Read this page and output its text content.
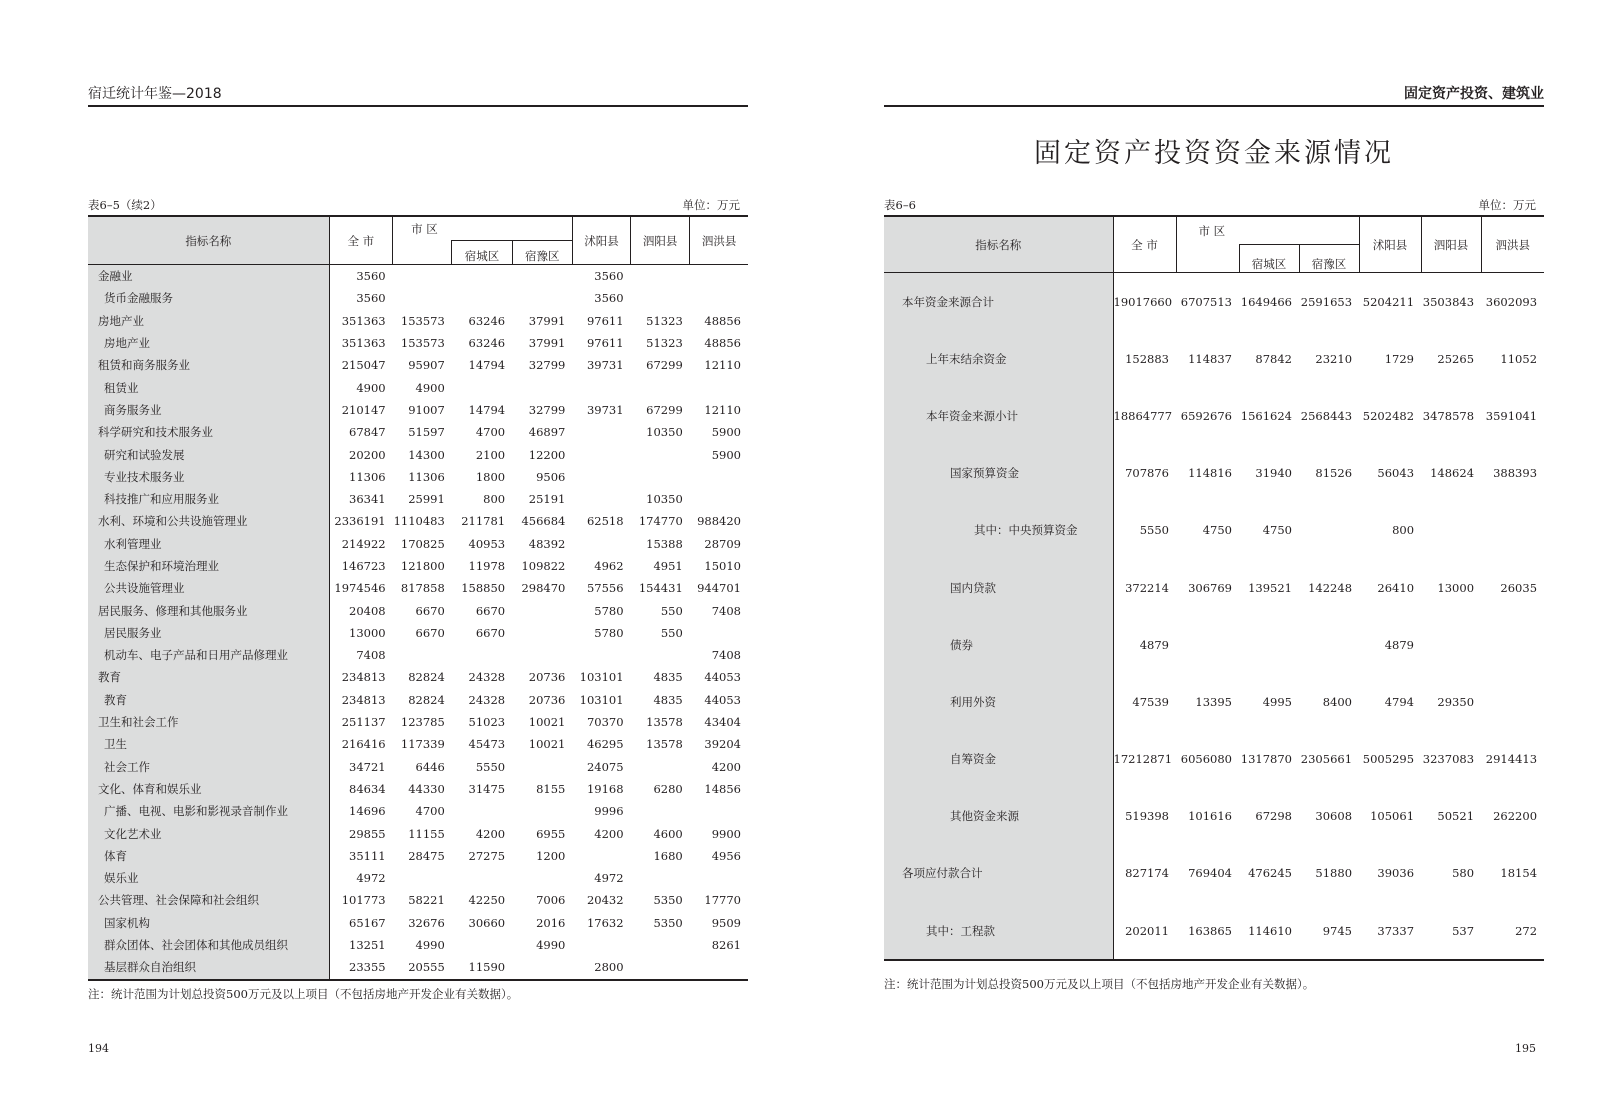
宿迁统计年鉴—2018
表6–5（续2）	单位：万元
指标名称	全 市	市 区			沭阳县	泗阳县	泗洪县
			宿城区	宿豫区			
金融业	3560				3560		
货币金融服务	3560				3560		
房地产业	351363	153573	63246	37991	97611	51323	48856
房地产业	351363	153573	63246	37991	97611	51323	48856
租赁和商务服务业	215047	95907	14794	32799	39731	67299	12110
租赁业	4900	4900					
商务服务业	210147	91007	14794	32799	39731	67299	12110
科学研究和技术服务业	67847	51597	4700	46897		10350	5900
研究和试验发展	20200	14300	2100	12200			5900
专业技术服务业	11306	11306	1800	9506			
科技推广和应用服务业	36341	25991	800	25191		10350	
水利、环境和公共设施管理业	2336191	1110483	211781	456684	62518	174770	988420
水利管理业	214922	170825	40953	48392		15388	28709
生态保护和环境治理业	146723	121800	11978	109822	4962	4951	15010
公共设施管理业	1974546	817858	158850	298470	57556	154431	944701
居民服务、修理和其他服务业	20408	6670	6670		5780	550	7408
居民服务业	13000	6670	6670		5780	550	
机动车、电子产品和日用产品修理业	7408						7408
教育	234813	82824	24328	20736	103101	4835	44053
教育	234813	82824	24328	20736	103101	4835	44053
卫生和社会工作	251137	123785	51023	10021	70370	13578	43404
卫生	216416	117339	45473	10021	46295	13578	39204
社会工作	34721	6446	5550		24075		4200
文化、体育和娱乐业	84634	44330	31475	8155	19168	6280	14856
广播、电视、电影和影视录音制作业	14696	4700			9996		
文化艺术业	29855	11155	4200	6955	4200	4600	9900
体育	35111	28475	27275	1200		1680	4956
娱乐业	4972				4972		
公共管理、社会保障和社会组织	101773	58221	42250	7006	20432	5350	17770
国家机构	65167	32676	30660	2016	17632	5350	9509
群众团体、社会团体和其他成员组织	13251	4990		4990			8261
基层群众自治组织	23355	20555	11590		2800		
注：统计范围为计划总投资500万元及以上项目（不包括房地产开发企业有关数据）。
194
固定资产投资、建筑业
固定资产投资资金来源情况
表6–6	单位：万元
指标名称	全 市	市 区			沭阳县	泗阳县	泗洪县
			宿城区	宿豫区			
本年资金来源合计	19017660	6707513	1649466	2591653	5204211	3503843	3602093
上年末结余资金	152883	114837	87842	23210	1729	25265	11052
本年资金来源小计	18864777	6592676	1561624	2568443	5202482	3478578	3591041
国家预算资金	707876	114816	31940	81526	56043	148624	388393
其中：中央预算资金	5550	4750	4750		800		
国内贷款	372214	306769	139521	142248	26410	13000	26035
债券	4879				4879		
利用外资	47539	13395	4995	8400	4794	29350	
自筹资金	17212871	6056080	1317870	2305661	5005295	3237083	2914413
其他资金来源	519398	101616	67298	30608	105061	50521	262200
各项应付款合计	827174	769404	476245	51880	39036	580	18154
其中：工程款	202011	163865	114610	9745	37337	537	272
注：统计范围为计划总投资500万元及以上项目（不包括房地产开发企业有关数据）。
195
